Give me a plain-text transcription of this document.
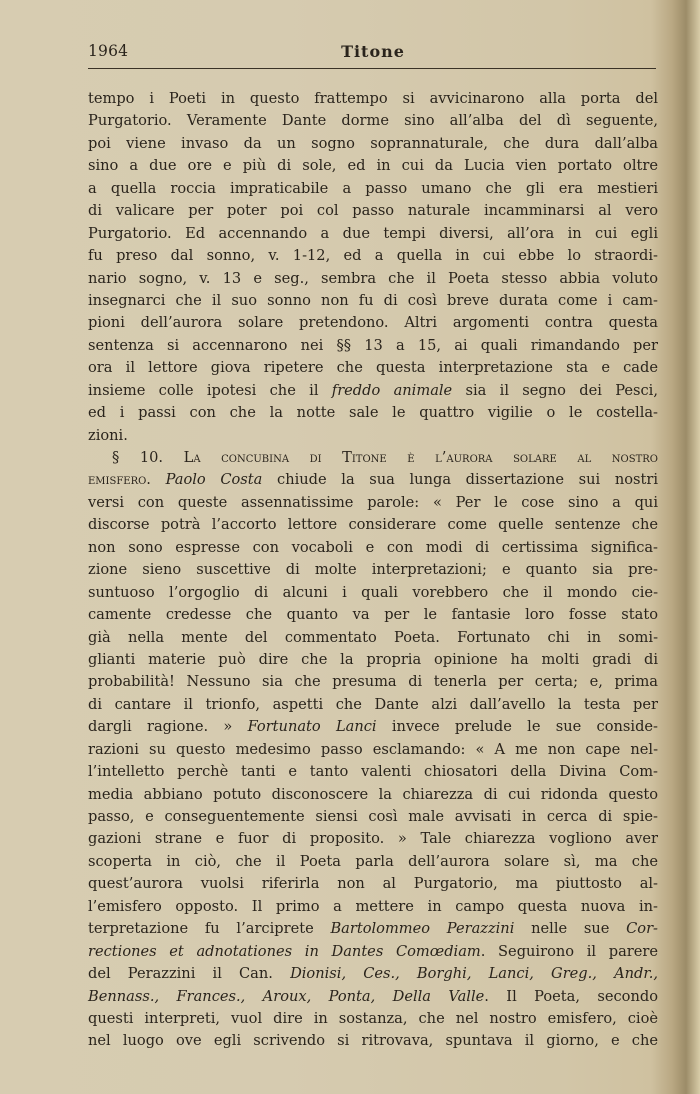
1964	Titone
tempo i Poeti in questo frattempo si avvicinarono alla porta del
Purgatorio. Veramente Dante dorme sino all’alba del dì seguente,
poi viene invaso da un sogno soprannaturale, che dura dall’alba
sino a due ore e più di sole, ed in cui da Lucia vien portato oltre
a quella roccia impraticabile a passo umano che gli era mestieri
di valicare per poter poi col passo naturale incamminarsi al vero
Purgatorio. Ed accennando a due tempi diversi, all’ora in cui egli
fu preso dal sonno, v. 1-12, ed a quella in cui ebbe lo straordi-
nario sogno, v. 13 e seg., sembra che il Poeta stesso abbia voluto
insegnarci che il suo sonno non fu di così breve durata come i cam-
pioni dell’aurora solare pretendono. Altri argomenti contra questa
sentenza si accennarono nei §§ 13 a 15, ai quali rimandando per
ora il lettore giova ripetere che questa interpretazione sta e cade
insieme colle ipotesi che il freddo animale sia il segno dei Pesci,
ed i passi con che la notte sale le quattro vigilie o le costella-
zioni.
§ 10. La concubina di Titone è l’aurora solare al nostro
emisfero. Paolo Costa chiude la sua lunga dissertazione sui nostri
versi con queste assennatissime parole: « Per le cose sino a qui
discorse potrà l’accorto lettore considerare come quelle sentenze che
non sono espresse con vocaboli e con modi di certissima significa-
zione sieno suscettive di molte interpretazioni; e quanto sia pre-
suntuoso l’orgoglio di alcuni i quali vorebbero che il mondo cie-
camente credesse che quanto va per le fantasie loro fosse stato
già nella mente del commentato Poeta. Fortunato chi in somi-
glianti materie può dire che la propria opinione ha molti gradi di
probabilità! Nessuno sia che presuma di tenerla per certa; e, prima
di cantare il trionfo, aspetti che Dante alzi dall’avello la testa per
dargli ragione. » Fortunato Lanci invece prelude le sue conside-
razioni su questo medesimo passo esclamando: « A me non cape nel-
l’intelletto perchè tanti e tanto valenti chiosatori della Divina Com-
media abbiano potuto disconoscere la chiarezza di cui ridonda questo
passo, e conseguentemente siensi così male avvisati in cerca di spie-
gazioni strane e fuor di proposito. » Tale chiarezza vogliono aver
scoperta in ciò, che il Poeta parla dell’aurora solare sì, ma che
quest’aurora vuolsi riferirla non al Purgatorio, ma piuttosto al-
l’emisfero opposto. Il primo a mettere in campo questa nuova in-
terpretazione fu l’arciprete Bartolommeo Perazzini nelle sue Cor-
rectiones et adnotationes in Dantes Comœdiam. Seguirono il parere
del Perazzini il Can. Dionisi, Ces., Borghi, Lanci, Greg., Andr.,
Bennass., Frances., Aroux, Ponta, Della Valle. Il Poeta, secondo
questi interpreti, vuol dire in sostanza, che nel nostro emisfero, cioè
nel luogo ove egli scrivendo si ritrovava, spuntava il giorno, e che
